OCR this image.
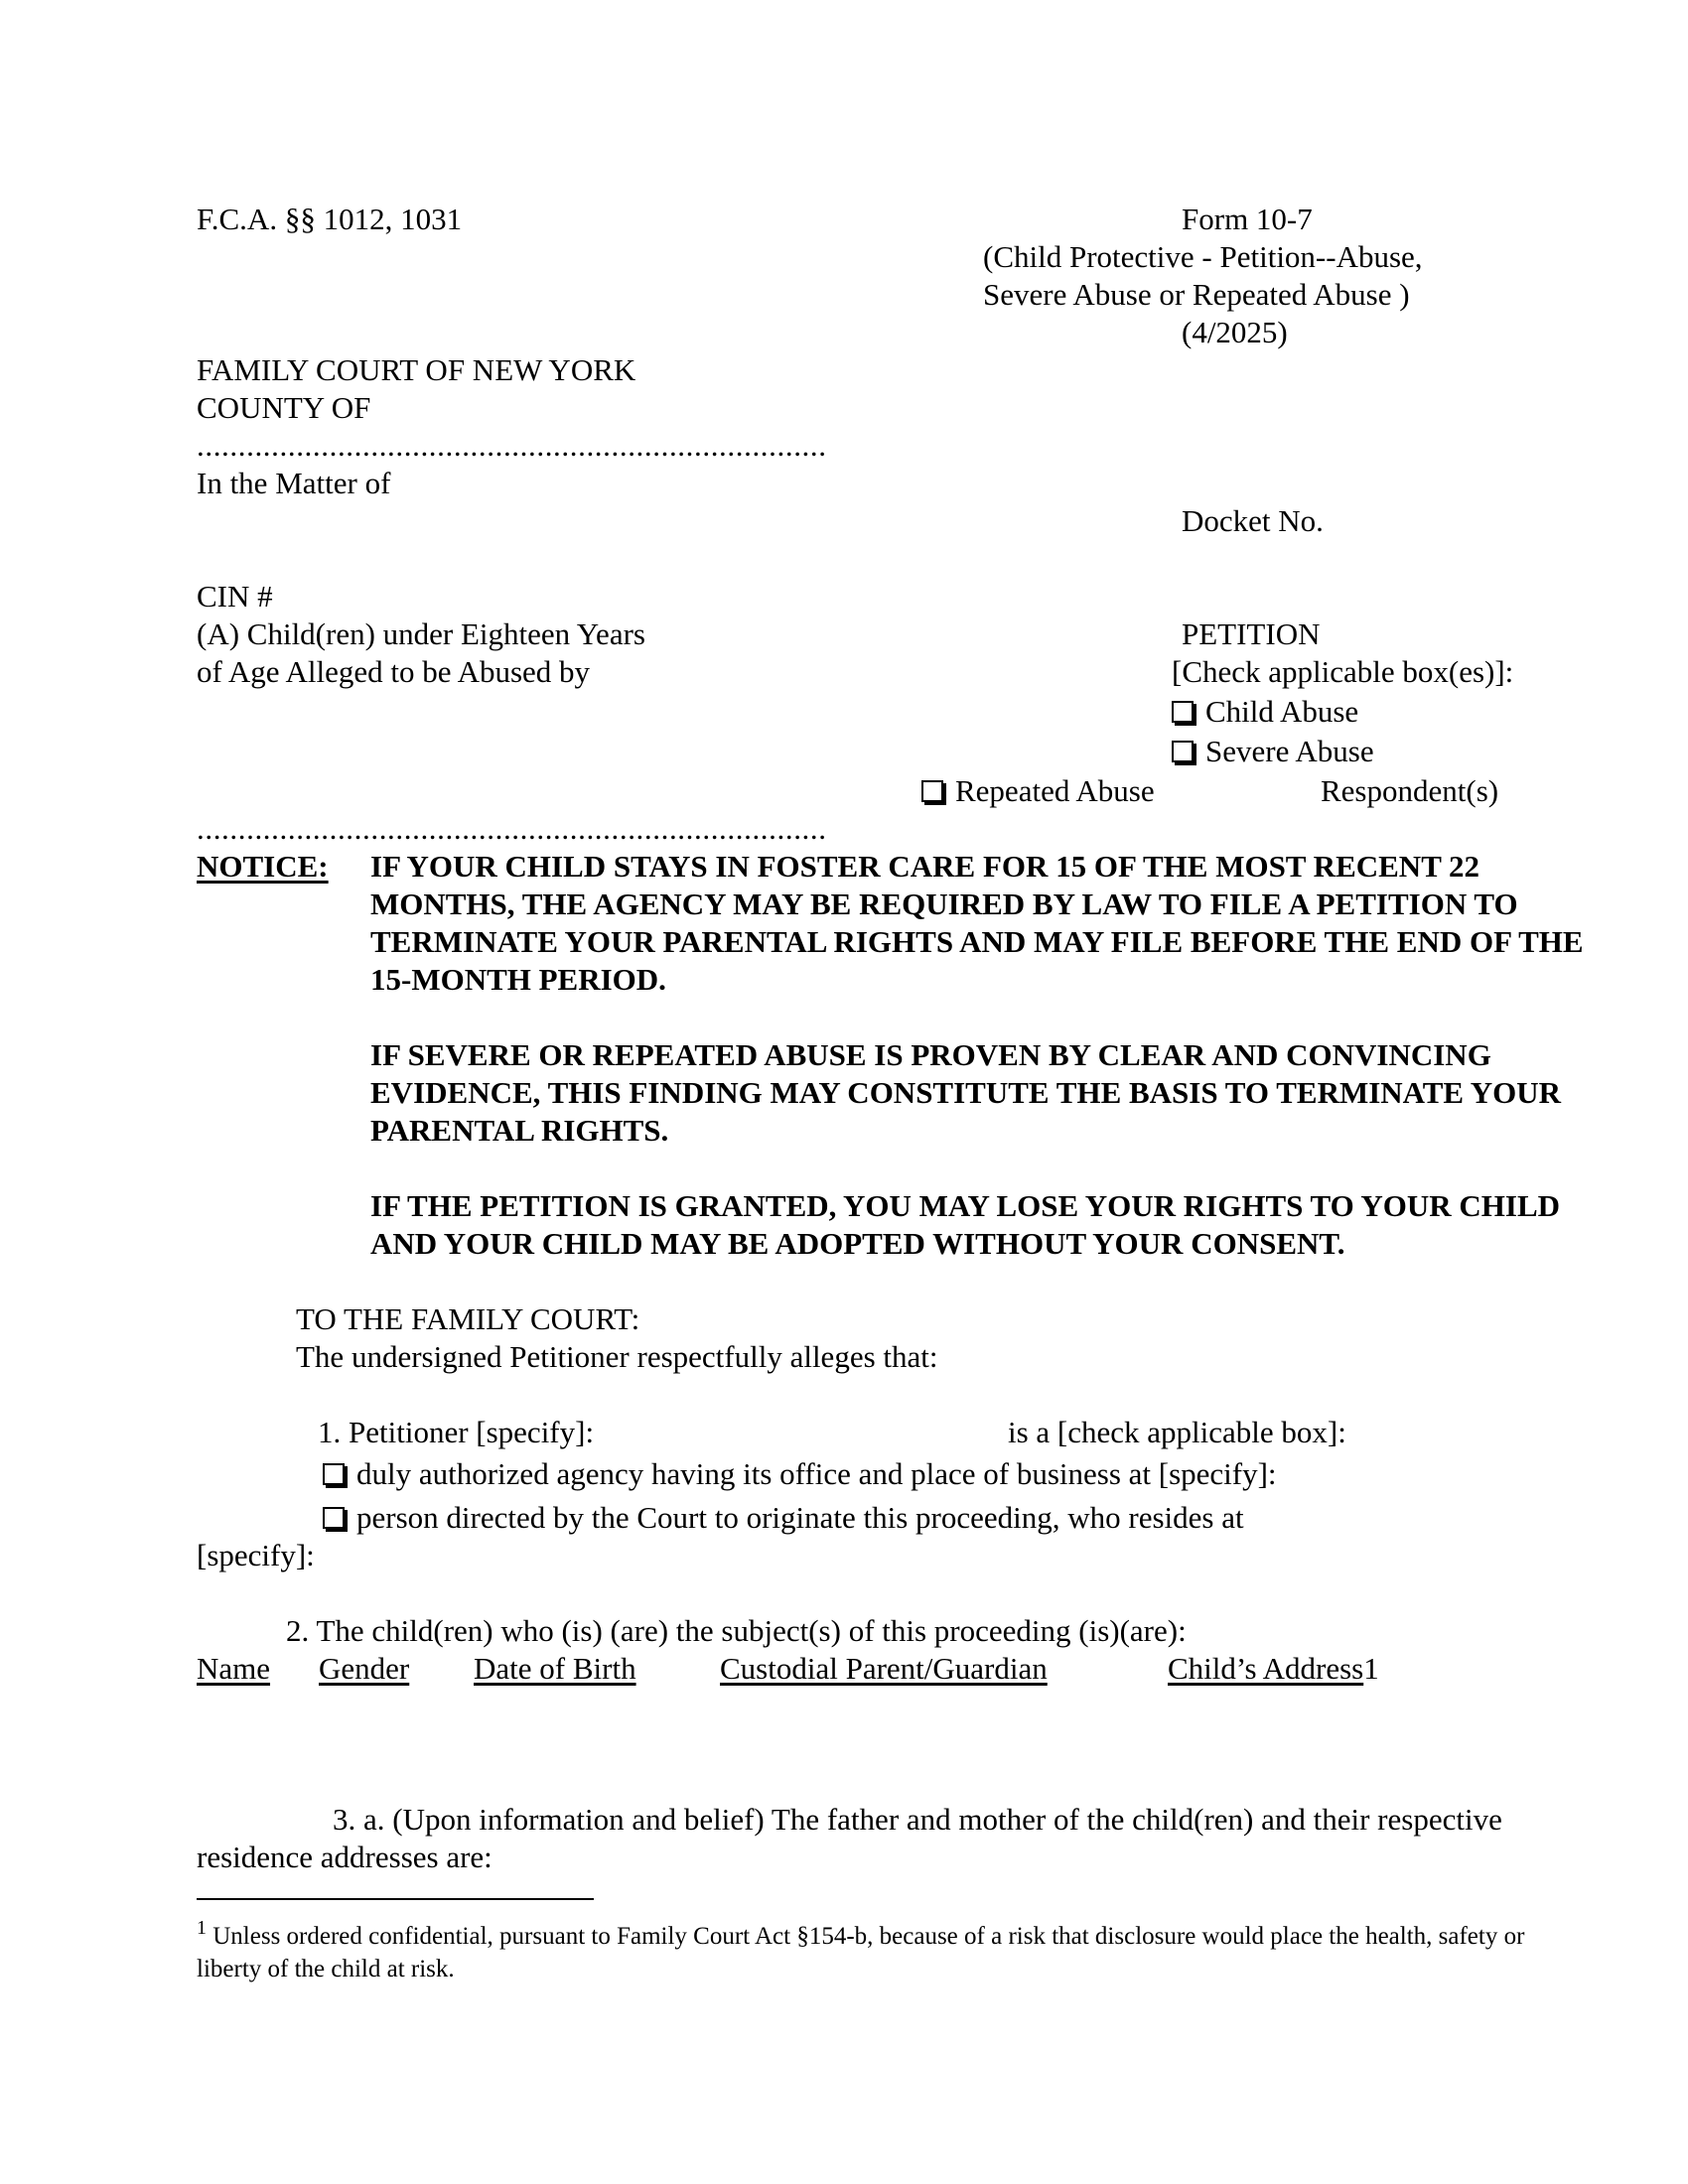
F.C.A. §§ 1012, 1031	Form 10-7
(Child Protective - Petition--Abuse,
Severe Abuse or Repeated Abuse )
(4/2025)
FAMILY COURT OF NEW YORK
COUNTY OF
............................................................................
In the Matter of
Docket No.
CIN #
(A) Child(ren) under Eighteen Years
of Age Alleged to be Abused by
PETITION
[Check applicable box(es)]:
Child Abuse
Severe Abuse
Repeated Abuse	Respondent(s)
............................................................................
NOTICE: IF YOUR CHILD STAYS IN FOSTER CARE FOR 15 OF THE MOST RECENT 22 MONTHS, THE AGENCY MAY BE REQUIRED BY LAW TO FILE A PETITION TO TERMINATE YOUR PARENTAL RIGHTS AND MAY FILE BEFORE THE END OF THE 15-MONTH PERIOD.
IF SEVERE OR REPEATED ABUSE IS PROVEN BY CLEAR AND CONVINCING EVIDENCE, THIS FINDING MAY CONSTITUTE THE BASIS TO TERMINATE YOUR PARENTAL RIGHTS.
IF THE PETITION IS GRANTED, YOU MAY LOSE YOUR RIGHTS TO YOUR CHILD AND YOUR CHILD MAY BE ADOPTED WITHOUT YOUR CONSENT.
TO THE FAMILY COURT:
The undersigned Petitioner respectfully alleges that:
1. Petitioner [specify]:	is a [check applicable box]:
duly authorized agency having its office and place of business at [specify]:
person directed by the Court to originate this proceeding, who resides at
[specify]:
2. The child(ren) who (is) (are) the subject(s) of this proceeding (is)(are):
Name Gender Date of Birth	Custodial Parent/Guardian	Child’s Address1
3. a. (Upon information and belief) The father and mother of the child(ren) and their respective
residence addresses are:
$^1$ Unless ordered confidential, pursuant to Family Court Act §154-b, because of a risk that disclosure would place the health, safety or liberty of the child at risk.
